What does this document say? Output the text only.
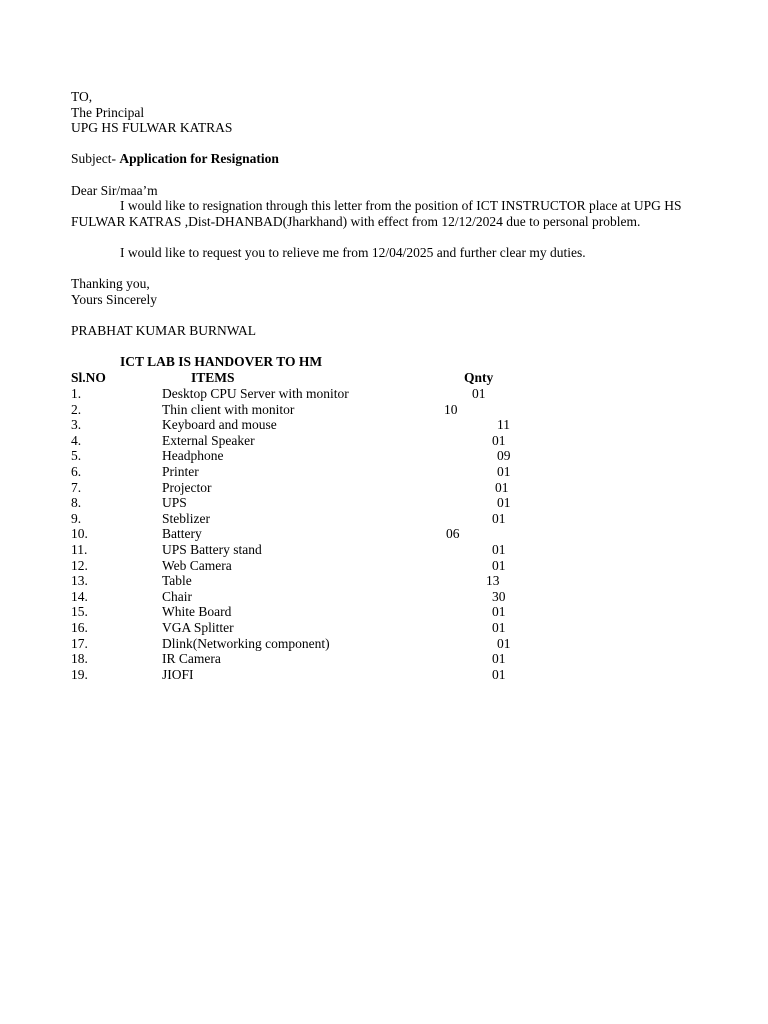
TO,
The Principal
UPG HS FULWAR KATRAS
Subject- Application for Resignation
Dear Sir/maa’m
I would like to resignation through this letter from the position of ICT INSTRUCTOR place at UPG HS
FULWAR KATRAS ,Dist-DHANBAD(Jharkhand) with effect from 12/12/2024 due to personal problem.
I would like to request you to relieve me from 12/04/2025 and further clear my duties.
Thanking you,
Yours Sincerely
PRABHAT KUMAR BURNWAL
ICT LAB IS HANDOVER TO HM
Sl.NO	ITEMS	Qnty
1.	Desktop CPU Server with monitor	01
2.	Thin client with monitor	10
3.	Keyboard and mouse	11
4.	External Speaker	01
5.	Headphone	09
6.	Printer	01
7.	Projector	01
8.	UPS	01
9.	Steblizer	01
10.	Battery	06
11.	UPS Battery stand	01
12.	Web Camera	01
13.	Table	13
14.	Chair	30
15.	White Board	01
16.	VGA Splitter	01
17.	Dlink(Networking component)	01
18.	IR Camera	01
19.	JIOFI	01
